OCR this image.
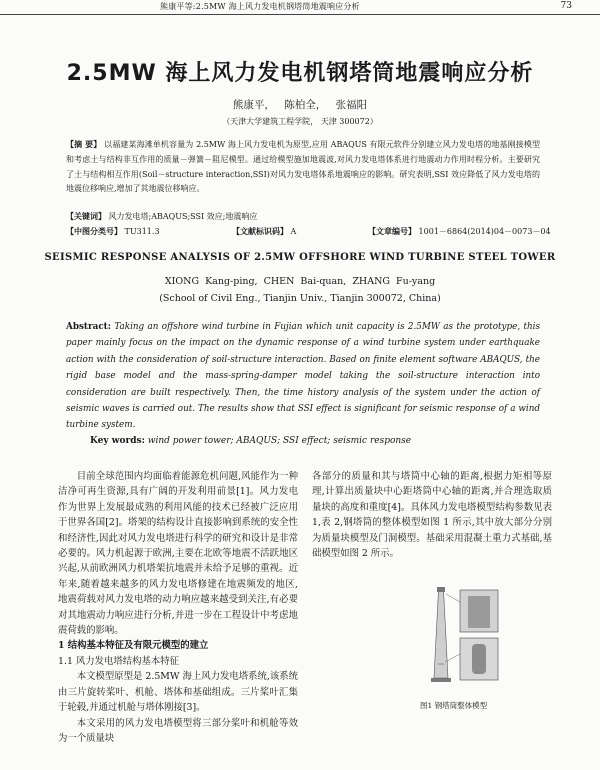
熊康平等:2.5MW 海上风力发电机钢塔筒地震响应分析	73
2.5MW 海上风力发电机钢塔筒地震响应分析
熊康平， 陈柏全， 张福阳
（天津大学建筑工程学院， 天津 300072）
【摘 要】 以福建某海滩单机容量为 2.5MW 海上风力发电机为原型,应用 ABAQUS 有限元软件分别建立风力发电塔的地基刚接模型和考虑土与结构非互作用的质量－弹簧－阻尼模型。通过给模型施加地震波,对风力发电塔体系进行地震动力作用时程分析。主要研究了土与结构相互作用(Soil－structure interaction,SSI)对风力发电塔体系地震响应的影响。研究表明,SSI 效应降低了风力发电塔的地震位移响应,增加了其地震位移响应。
【关键词】 风力发电塔;ABAQUS;SSI 效应;地震响应
【中图分类号】 TU311.3	【文献标识码】 A	【文章编号】 1001－6864(2014)04－0073－04
SEISMIC RESPONSE ANALYSIS OF 2.5MW OFFSHORE WIND TURBINE STEEL TOWER
XIONG Kang-ping, CHEN Bai-quan, ZHANG Fu-yang
(School of Civil Eng., Tianjin Univ., Tianjin 300072, China)
Abstract: Taking an offshore wind turbine in Fujian which unit capacity is 2.5MW as the prototype, this paper mainly focus on the impact on the dynamic response of a wind turbine system under earthquake action with the consideration of soil-structure interaction. Based on finite element software ABAQUS, the rigid base model and the mass-spring-damper model taking the soil-structure interaction into consideration are built respectively. Then, the time history analysis of the system under the action of seismic waves is carried out. The results show that SSI effect is significant for seismic response of a wind turbine system.
Key words: wind power tower; ABAQUS; SSI effect; seismic response

目前全球范围内均面临着能源危机问题,风能作为一种洁净可再生资源,具有广阔的开发利用前景[1]。风力发电作为世界上发展最成熟的利用风能的技术已经被广泛应用于世界各国[2]。塔架的结构设计直接影响到系统的安全性和经济性,因此对风力发电塔进行科学的研究和设计是非常必要的。风力机起源于欧洲,主要在北欧等地震不活跃地区兴起,从前欧洲风力机塔架抗地震并未给予足够的重视。近年来,随着越来越多的风力发电塔修建在地震频发的地区,地震荷载对风力发电塔的动力响应越来越受到关注,有必要对其地震动力响应进行分析,并进一步在工程设计中考虑地震荷载的影响。

1 结构基本特征及有限元模型的建立

1.1 风力发电塔结构基本特征

本文模型原型是 2.5MW 海上风力发电塔系统,该系统由三片旋转桨叶、机舱、塔体和基础组成。三片桨叶汇集于轮毂,并通过机舱与塔体刚接[3]。

本文采用的风力发电塔模型将三部分桨叶和机舱等效为一个质量块

各部分的质量和其与塔筒中心轴的距离,根据力矩相等原理,计算出质量块中心距塔筒中心轴的距离,并合理选取质量块的高度和重度[4]。具体风力发电塔模型结构参数见表 1,表 2,钢塔筒的整体模型如图 1 所示,其中放大部分分别为质量块模型及门洞模型。基础采用混凝土重力式基础,基础模型如图 2 所示。

图1 钢塔筒整体模型
